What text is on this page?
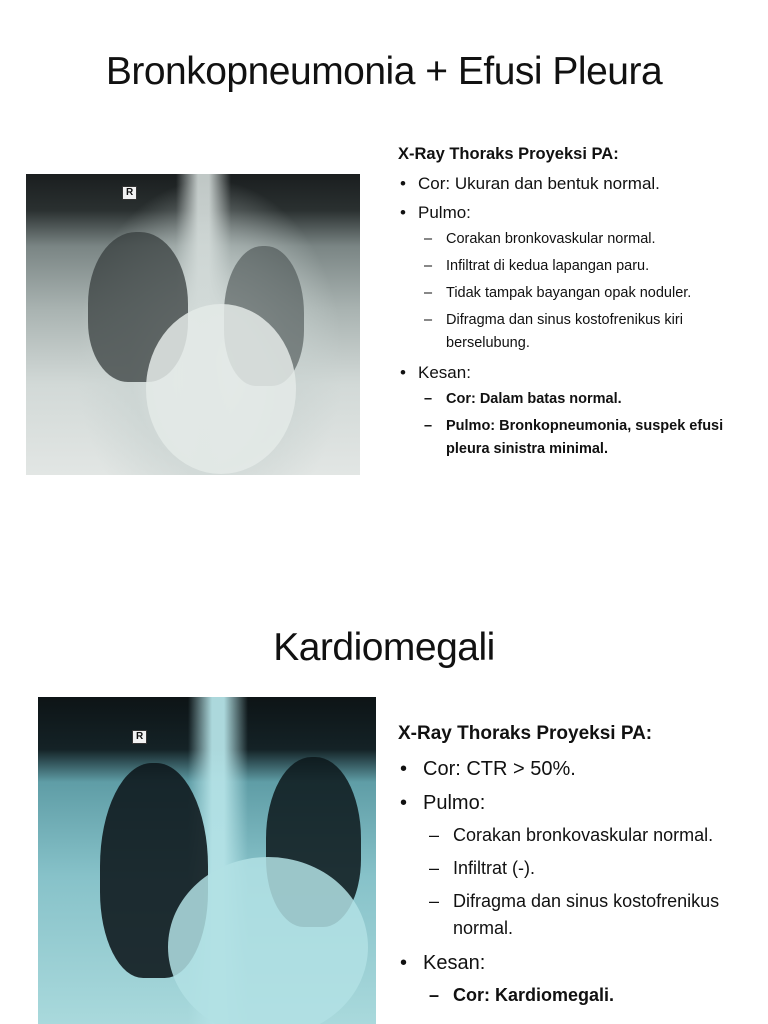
Bronkopneumonia + Efusi Pleura
R

X-Ray Thoraks Proyeksi PA:

• Cor: Ukuran dan bentuk normal.
• Pulmo:
– Corakan bronkovaskular normal.
– Infiltrat di kedua lapangan paru.
– Tidak tampak bayangan opak noduler.
– Difragma dan sinus kostofrenikus kiri berselubung.
• Kesan:
– Cor: Dalam batas normal.
– Pulmo: Bronkopneumonia, suspek efusi pleura sinistra minimal.
Kardiomegali
R	X-Ray Thoraks Proyeksi PA:

• Cor: CTR > 50%.
• Pulmo:
– Corakan bronkovaskular normal.
– Infiltrat (-).
– Difragma dan sinus kostofrenikus normal.
• Kesan:
– Cor: Kardiomegali.
